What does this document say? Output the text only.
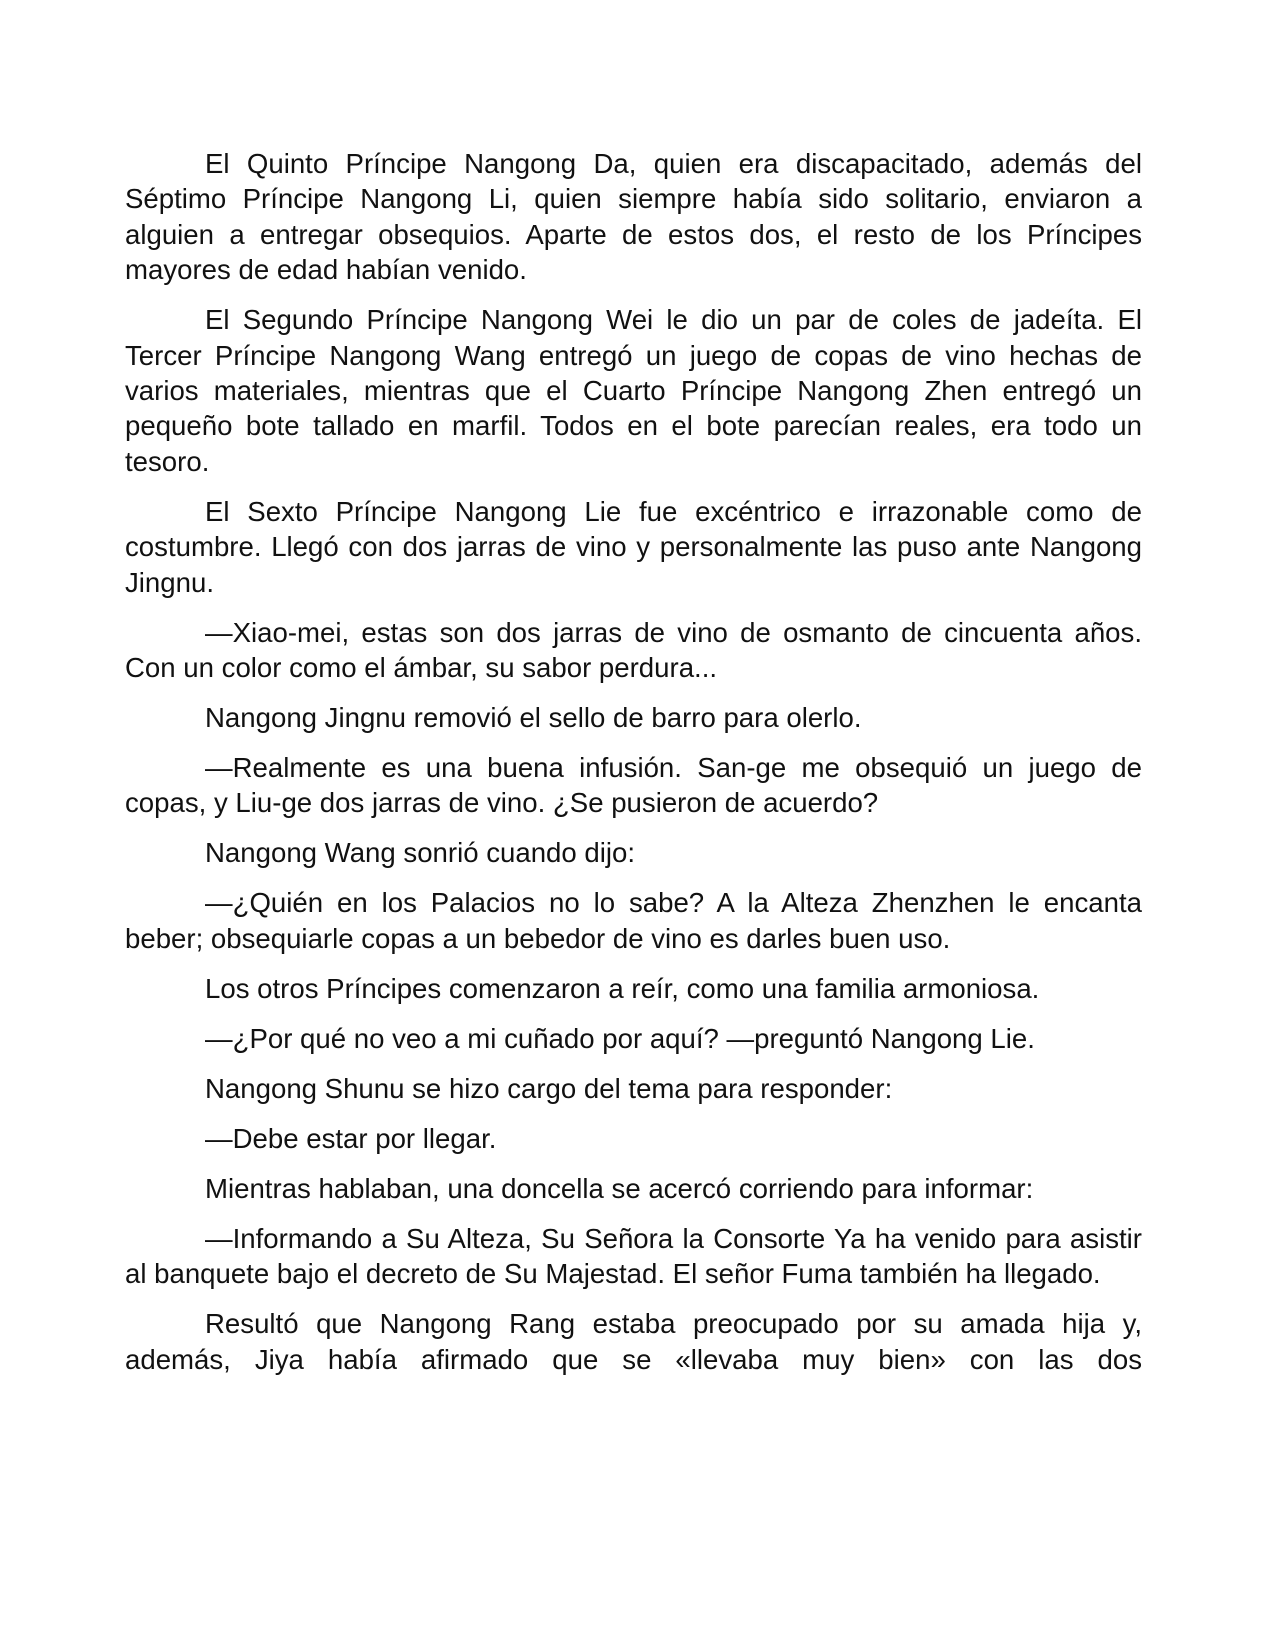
El Quinto Príncipe Nangong Da, quien era discapacitado, además del Séptimo Príncipe Nangong Li, quien siempre había sido solitario, enviaron a alguien a entregar obsequios. Aparte de estos dos, el resto de los Príncipes mayores de edad habían venido.

El Segundo Príncipe Nangong Wei le dio un par de coles de jadeíta. El Tercer Príncipe Nangong Wang entregó un juego de copas de vino hechas de varios materiales, mientras que el Cuarto Príncipe Nangong Zhen entregó un pequeño bote tallado en marfil. Todos en el bote parecían reales, era todo un tesoro.

El Sexto Príncipe Nangong Lie fue excéntrico e irrazonable como de costumbre. Llegó con dos jarras de vino y personalmente las puso ante Nangong Jingnu.

—Xiao-mei, estas son dos jarras de vino de osmanto de cincuenta años. Con un color como el ámbar, su sabor perdura...

Nangong Jingnu removió el sello de barro para olerlo.

—Realmente es una buena infusión. San-ge me obsequió un juego de copas, y Liu-ge dos jarras de vino. ¿Se pusieron de acuerdo?

Nangong Wang sonrió cuando dijo:

—¿Quién en los Palacios no lo sabe? A la Alteza Zhenzhen le encanta beber; obsequiarle copas a un bebedor de vino es darles buen uso.

Los otros Príncipes comenzaron a reír, como una familia armoniosa.

—¿Por qué no veo a mi cuñado por aquí? —preguntó Nangong Lie.

Nangong Shunu se hizo cargo del tema para responder:

—Debe estar por llegar.

Mientras hablaban, una doncella se acercó corriendo para informar:

—Informando a Su Alteza, Su Señora la Consorte Ya ha venido para asistir al banquete bajo el decreto de Su Majestad. El señor Fuma también ha llegado.

Resultó que Nangong Rang estaba preocupado por su amada hija y, además, Jiya había afirmado que se «llevaba muy bien» con las dos
